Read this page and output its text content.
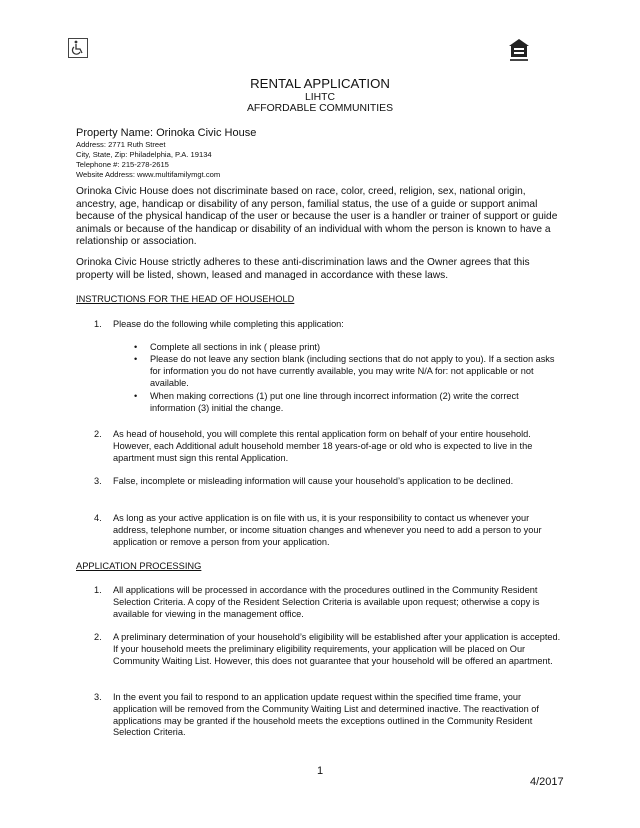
RENTAL APPLICATION
LIHTC
AFFORDABLE COMMUNITIES
Property Name: Orinoka Civic House
Address: 2771 Ruth Street
City, State, Zip: Philadelphia, P.A. 19134
Telephone #: 215-278-2615
Website Address: www.multifamilymgt.com
Orinoka Civic House does not discriminate based on race, color, creed, religion, sex, national origin, ancestry, age, handicap or disability of any person, familial status, the use of a guide or support animal because of the physical handicap of the user or because the user is a handler or trainer of support or guide animals or because of the handicap or disability of an individual with whom the person is known to have a relationship or association.
Orinoka Civic House strictly adheres to these anti-discrimination laws and the Owner agrees that this property will be listed, shown, leased and managed in accordance with these laws.
INSTRUCTIONS FOR THE HEAD OF HOUSEHOLD
1. Please do the following while completing this application:
• Complete all sections in ink ( please print)
• Please do not leave any section blank (including sections that do not apply to you). If a section asks for information you do not have currently available, you may write N/A for: not applicable or not available.
• When making corrections (1) put one line through incorrect information (2) write the correct information (3) initial the change.
2. As head of household, you will complete this rental application form on behalf of your entire household. However, each Additional adult household member 18 years-of-age or old who is expected to live in the apartment must sign this rental Application.
3. False, incomplete or misleading information will cause your household’s application to be declined.
4. As long as your active application is on file with us, it is your responsibility to contact us whenever your address, telephone number, or income situation changes and whenever you need to add a person to your application or remove a person from your application.
APPLICATION PROCESSING
1. All applications will be processed in accordance with the procedures outlined in the Community Resident Selection Criteria. A copy of the Resident Selection Criteria is available upon request; otherwise a copy is available for viewing in the management office.
2. A preliminary determination of your household’s eligibility will be established after your application is accepted. If your household meets the preliminary eligibility requirements, your application will be placed on Our Community Waiting List. However, this does not guarantee that your household will be offered an apartment.
3. In the event you fail to respond to an application update request within the specified time frame, your application will be removed from the Community Waiting List and determined inactive. The reactivation of applications may be granted if the household meets the exceptions outlined in the Community Resident Selection Criteria.
1
4/2017
